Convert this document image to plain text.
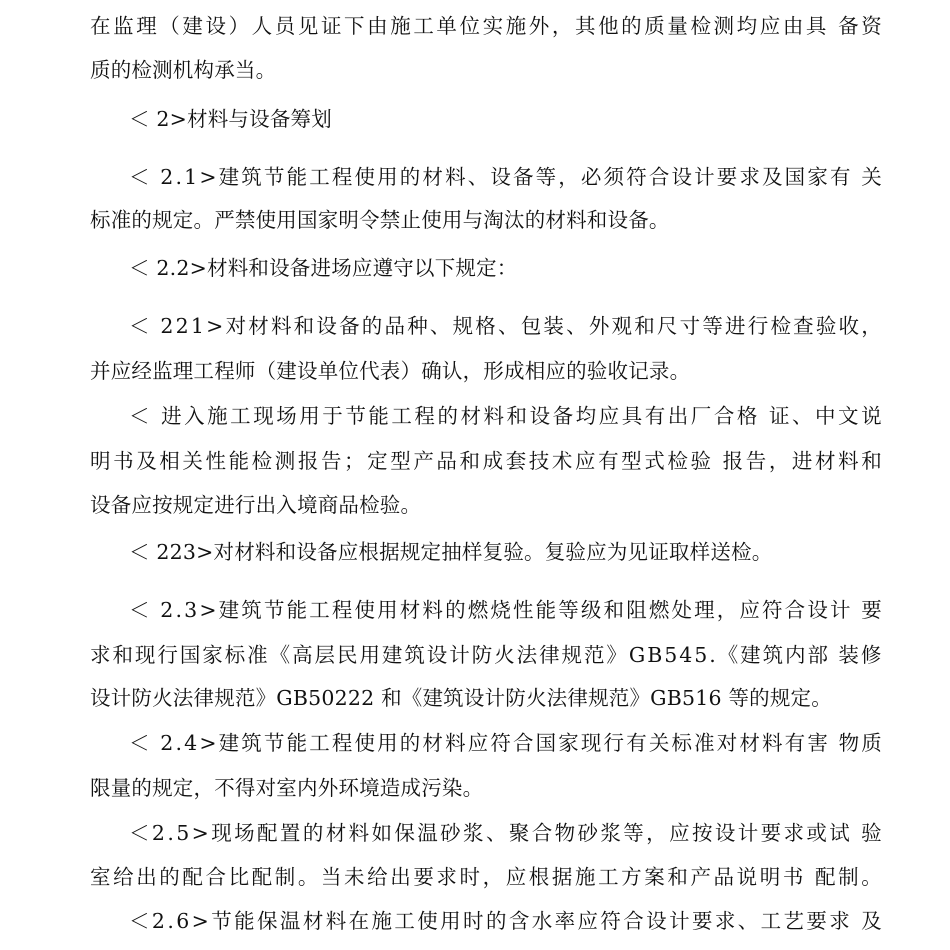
在 监 理 （ 建 设 ） 人 员 见 证 下 由 施 工 单 位 实 施 外 ， 其 他 的 质 量 检 测 均 应 由 具
备 资
质的检测机构承当。
＜ 2>材料与设备筹划
＜
2 . 1 > 建 筑 节 能 工 程 使 用 的 材 料 、 设 备 等 ， 必 须 符 合 设 计 要 求 及 国 家 有
关
标准的规定。严禁使用国家明令禁止使用与淘汰的材料和设备。
＜ 2.2>材料和设备进场应遵守以下规定：
＜
2 2 1 > 对 材 料 和 设 备 的 品 种 、 规 格 、 包 装 、 外 观 和 尺 寸 等 进 行 检 查 验 收 ，
并应经监理工程师（建设单位代表）确认，形成相应的验收记录。
＜
进 入 施 工 现 场 用 于 节 能 工 程 的 材 料 和 设 备 均 应 具 有 出 厂 合 格
证 、 中 文 说
明 书 及 相 关 性 能 检 测 报 告 ； 定 型 产 品 和 成 套 技 术 应 有 型 式 检 验
报 告 ， 进 材 料 和
设备应按规定进行出入境商品检验。
＜ 223>对材料和设备应根据规定抽样复验。复验应为见证取样送检。
＜
2 . 3 > 建 筑 节 能 工 程 使 用 材 料 的 燃 烧 性 能 等 级 和 阻 燃 处 理 ， 应 符 合 设 计
要
求 和 现 行 国 家 标 准 《 高 层 民 用 建 筑 设 计 防 火 法 律 规 范 》 G B 5 4 5 . 《 建 筑 内 部
装 修
设计防火法律规范》GB50222 和《建筑设计防火法律规范》GB516 等的规定。
＜
2 . 4 > 建 筑 节 能 工 程 使 用 的 材 料 应 符 合 国 家 现 行 有 关 标 准 对 材 料 有 害
物 质
限量的规定，不得对室内外环境造成污染。
＜ 2 . 5 > 现 场 配 置 的 材 料 如 保 温 砂 浆 、 聚 合 物 砂 浆 等 ， 应 按 设 计 要 求 或 试
验
室 给 出 的 配 合 比 配 制 。 当 未 给 出 要 求 时 ， 应 根 据 施 工 方 案 和 产 品 说 明 书
配 制 。
＜ 2 . 6 > 节 能 保 温 材 料 在 施 工 使 用 时 的 含 水 率 应 符 合 设 计 要 求 、 工 艺 要 求
及
